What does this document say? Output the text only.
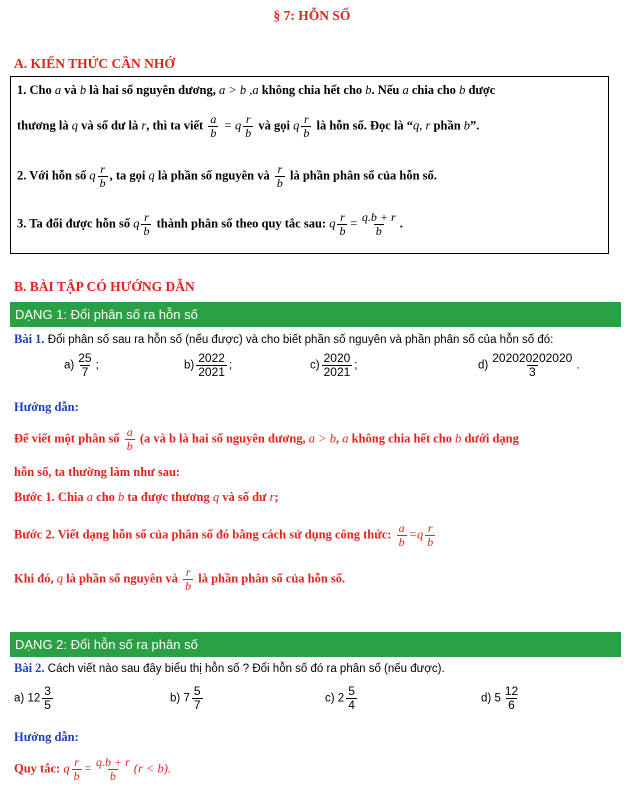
§ 7: HỖN SỐ
A. KIẾN THỨC CẦN NHỚ
1. Cho a và b là hai số nguyên dương, a > b ,a không chia hết cho b. Nếu a chia cho b được
thương là q và số dư là r, thì ta viết $\frac{a}{b} = q \frac{r}{b}$ và gọi q $\frac{r}{b}$ là hỗn số. Đọc là “q, r phần b”.
2. Với hỗn số q $\frac{r}{b}$ , ta gọi q là phần số nguyên và $\frac{r}{b}$ là phần phân số của hỗn số.
3. Ta đổi được hỗn số q $\frac{r}{b}$ thành phân số theo quy tắc sau: q $\frac{r}{b} = \frac{q.b + r}{b}$ .
B. BÀI TẬP CÓ HƯỚNG DẪN
DẠNG 1: Đổi phân số ra hỗn số
Bài 1. Đổi phân số sau ra hỗn số (nếu được) và cho biết phần số nguyên và phần phân số của hỗn số đó:
$a) \frac{25}{7}$ ;	$b) \frac{2022}{2021}$ ;	$c) \frac{2020}{2021}$ ;	$d) \frac{202020202020}{3}$ .
Hướng dẫn:
Để viết một phân số $\frac{a}{b} (a$ và b là hai số nguyên dương, a > b, a không chia hết cho b dưới dạng
hỗn số, ta thường làm như sau:
Bước 1. Chia a cho b ta được thương q và số dư r;
Bước 2. Viết dạng hỗn số của phân số đó bằng cách sử dụng công thức: $\frac{a}{b} =q \frac{r}{b}$
Khi đó, q là phần số nguyên và $\frac{r}{b}$ là phần phân số của hỗn số.
DẠNG 2: Đổi hỗn số ra phân số
Bài 2. Cách viết nào sau đây biểu thị hỗn số ? Đổi hỗn số đó ra phân số (nếu được).
a) $12 \frac{3}{5}$	b) $7 \frac{5}{7}$	c) $2 \frac{5}{4}$	d) $5 \frac{12}{6}$
Hướng dẫn:
Quy tắc: q $\frac{r}{b} = \frac{q.b + r}{b} (r < b)$.
